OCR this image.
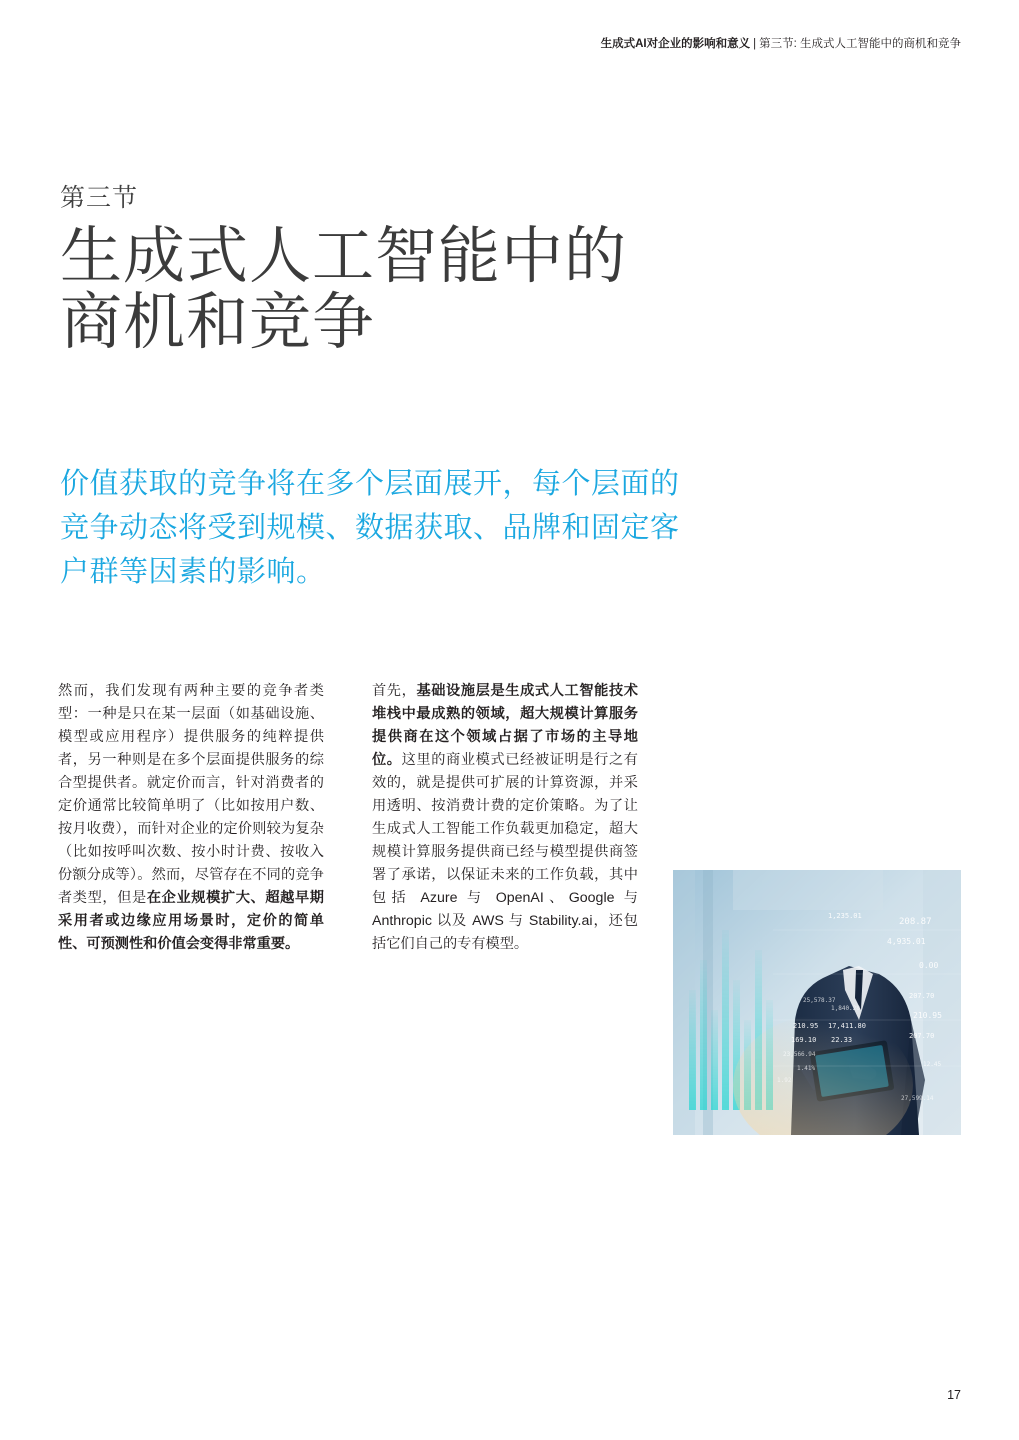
生成式AI对企业的影响和意义 | 第三节: 生成式人工智能中的商机和竞争
第三节
生成式人工智能中的
商机和竞争
价值获取的竞争将在多个层面展开，每个层面的竞争动态将受到规模、数据获取、品牌和固定客户群等因素的影响。

然而，我们发现有两种主要的竞争者类型：一种是只在某一层面（如基础设施、模型或应用程序）提供服务的纯粹提供者，另一种则是在多个层面提供服务的综合型提供者。就定价而言，针对消费者的定价通常比较简单明了（比如按用户数、按月收费），而针对企业的定价则较为复杂（比如按呼叫次数、按小时计费、按收入份额分成等）。然而，尽管存在不同的竞争者类型，但是在企业规模扩大、超越早期采用者或边缘应用场景时，定价的简单性、可预测性和价值会变得非常重要。

首先，基础设施层是生成式人工智能技术堆栈中最成熟的领域，超大规模计算服务提供商在这个领域占据了市场的主导地位。这里的商业模式已经被证明是行之有效的，就是提供可扩展的计算资源，并采用透明、按消费计费的定价策略。为了让生成式人工智能工作负载更加稳定，超大规模计算服务提供商已经与模型提供商签署了承诺，以保证未来的工作负载，其中包括 Azure 与 OpenAI、Google 与 Anthropic 以及 AWS 与 Stability.ai，还包括它们自己的专有模型。

1,235.01
208.87
4,935.01
0.00
25,578.37
1,840.28
210.95 17,411.80
207.70
169.10 22.33
210.95
23,566.94
207.70
1.41%
12.45
1.92
27,599.14
17
